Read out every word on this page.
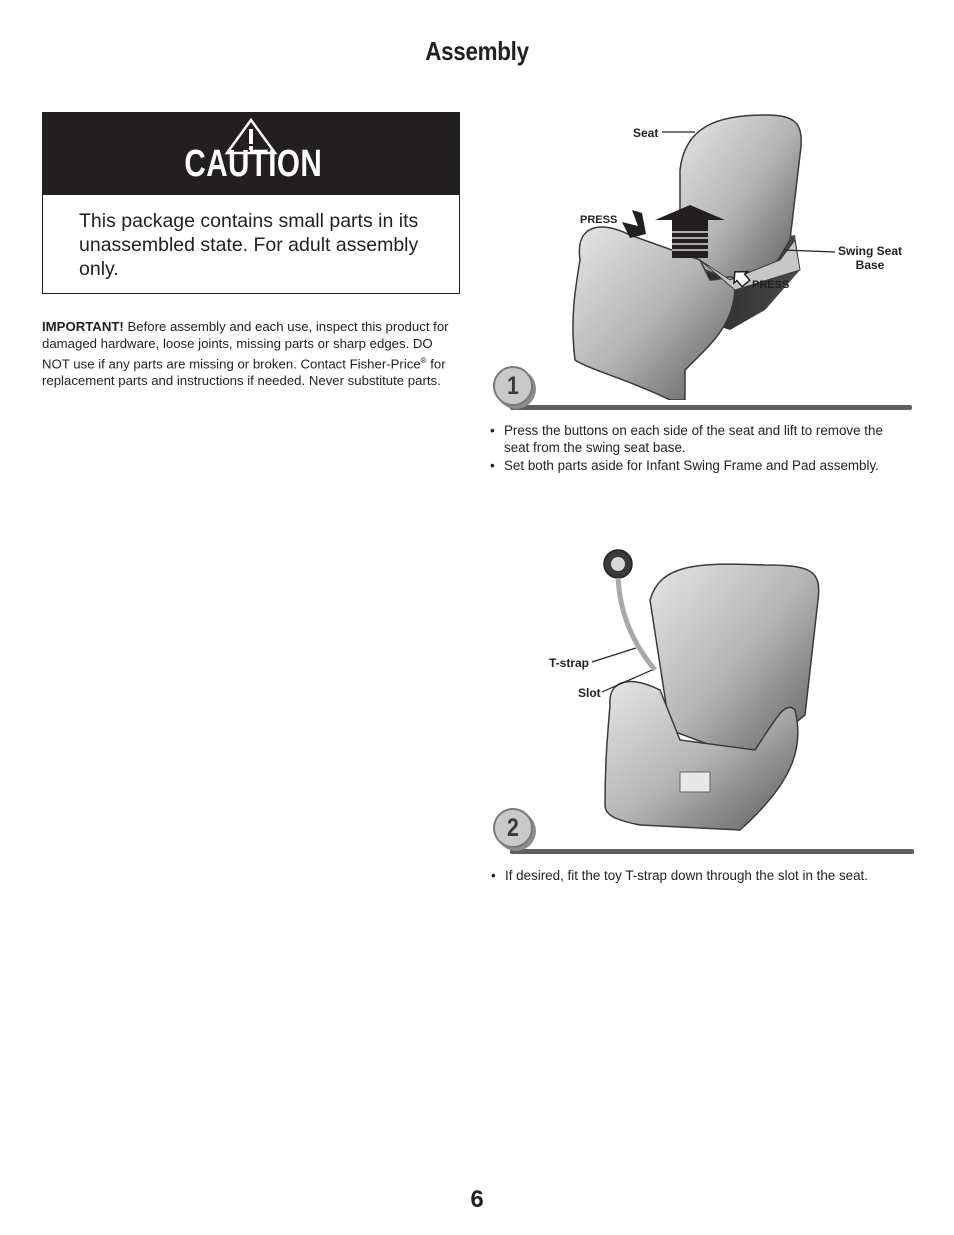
Assembly
This package contains small parts in its unassembled state. For adult assembly only.
CAUTION
IMPORTANT! Before assembly and each use, inspect this product for damaged hardware, loose joints, missing parts or sharp edges. DO NOT use if any parts are missing or broken. Contact Fisher-Price® for replacement parts and instructions if needed. Never substitute parts.
Seat
PRESS
PRESS
Swing Seat Base
1
• Press the buttons on each side of the seat and lift to remove the seat from the swing seat base.
• Set both parts aside for Infant Swing Frame and Pad assembly.
T-strap
Slot
2
• If desired, fit the toy T-strap down through the slot in the seat.
6
